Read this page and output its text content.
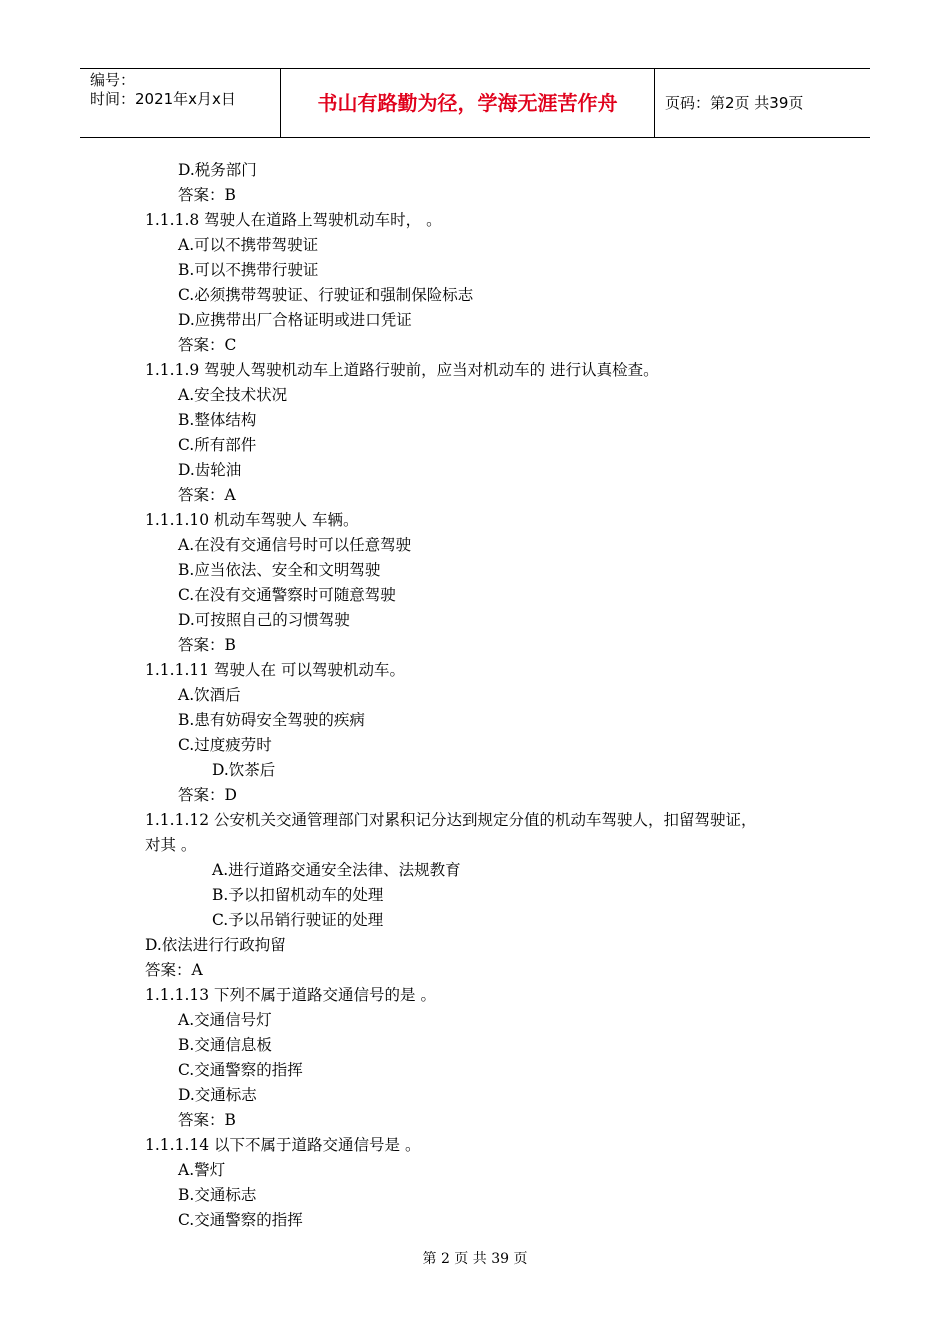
编号：
时间：2021年x月x日	书山有路勤为径，学海无涯苦作舟	页码：第2页 共39页
D.税务部门
答案：B
1.1.1.8 驾驶人在道路上驾驶机动车时， 。
A.可以不携带驾驶证
B.可以不携带行驶证
C.必须携带驾驶证、行驶证和强制保险标志
D.应携带出厂合格证明或进口凭证
答案：C
1.1.1.9 驾驶人驾驶机动车上道路行驶前，应当对机动车的 进行认真检查。
A.安全技术状况
B.整体结构
C.所有部件
D.齿轮油
答案：A
1.1.1.10 机动车驾驶人 车辆。
A.在没有交通信号时可以任意驾驶
B.应当依法、安全和文明驾驶
C.在没有交通警察时可随意驾驶
D.可按照自己的习惯驾驶
答案：B
1.1.1.11 驾驶人在 可以驾驶机动车。
A.饮酒后
B.患有妨碍安全驾驶的疾病
C.过度疲劳时
D.饮茶后
答案：D
1.1.1.12 公安机关交通管理部门对累积记分达到规定分值的机动车驾驶人，扣留驾驶证，
对其 。
A.进行道路交通安全法律、法规教育
B.予以扣留机动车的处理
C.予以吊销行驶证的处理
D.依法进行行政拘留
答案：A
1.1.1.13 下列不属于道路交通信号的是 。
A.交通信号灯
B.交通信息板
C.交通警察的指挥
D.交通标志
答案：B
1.1.1.14 以下不属于道路交通信号是 。
A.警灯
B.交通标志
C.交通警察的指挥
第 2 页 共 39 页
